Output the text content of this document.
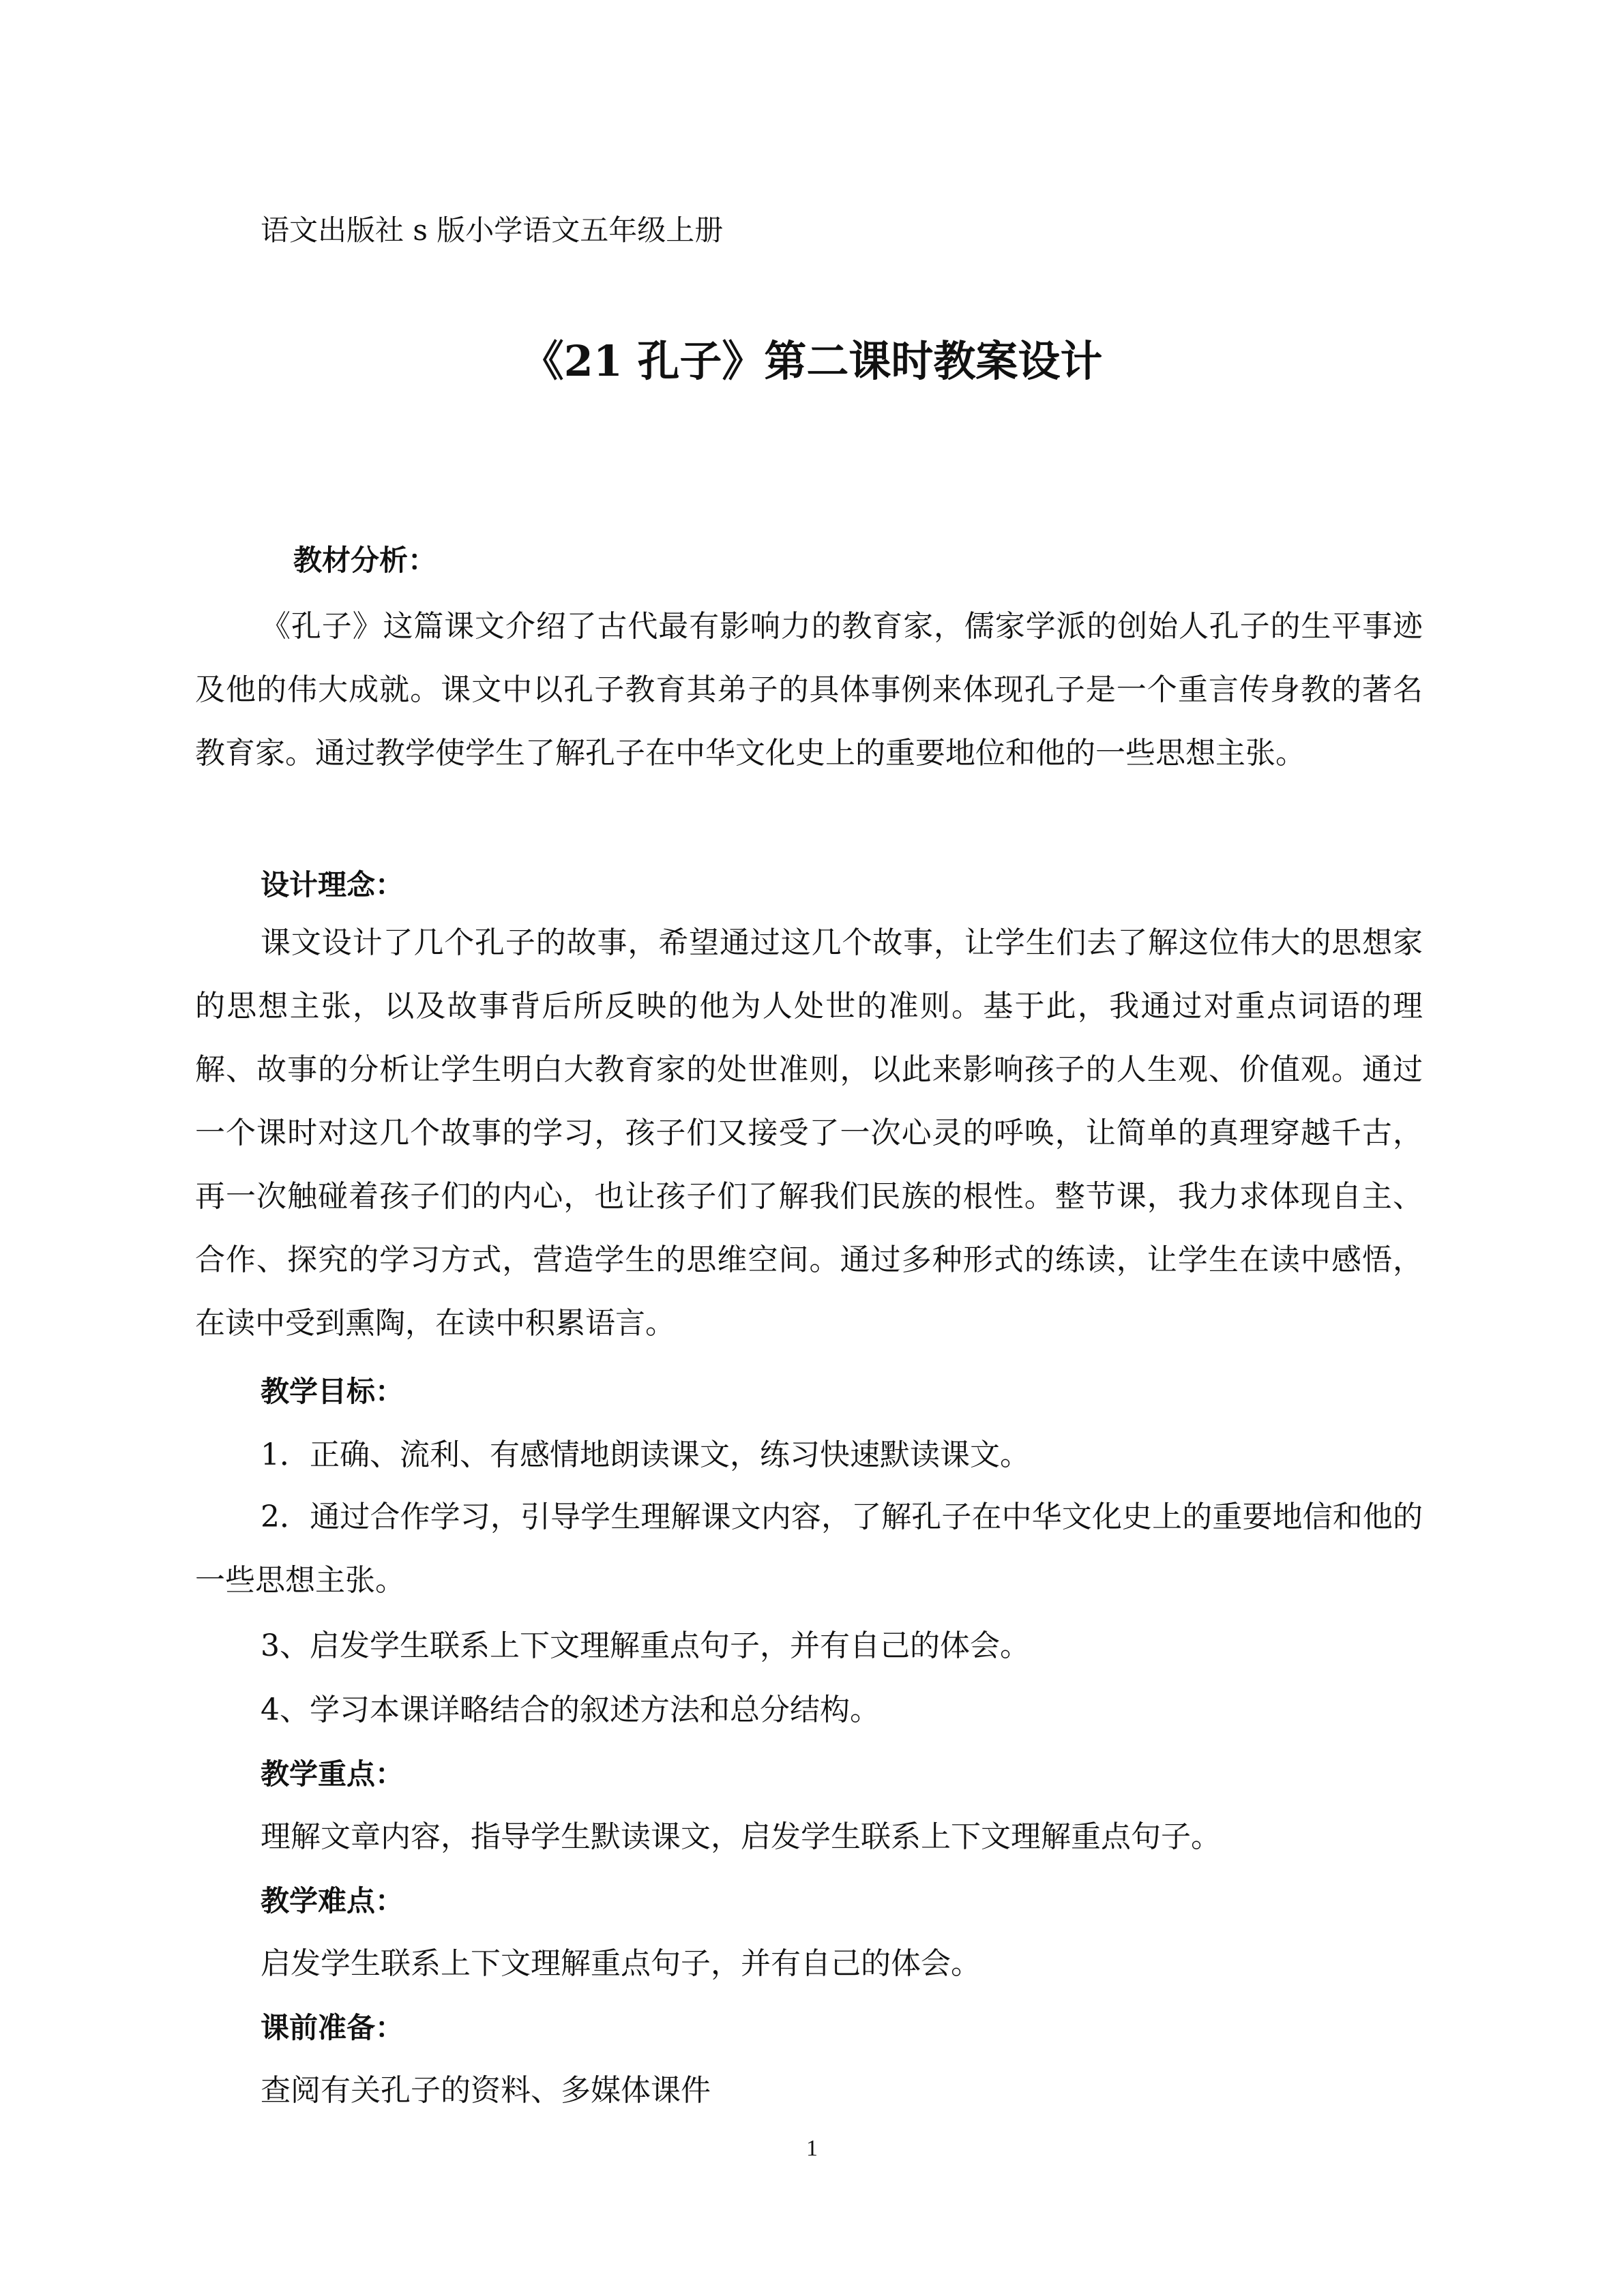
语文出版社 s 版小学语文五年级上册
《21 孔子》第二课时教案设计
教材分析：

《孔子》这篇课文介绍了古代最有影响力的教育家，儒家学派的创始人孔子的生平事迹及他的伟大成就。课文中以孔子教育其弟子的具体事例来体现孔子是一个重言传身教的著名教育家。通过教学使学生了解孔子在中华文化史上的重要地位和他的一些思想主张。

设计理念：

课文设计了几个孔子的故事，希望通过这几个故事，让学生们去了解这位伟大的思想家的思想主张，以及故事背后所反映的他为人处世的准则。基于此，我通过对重点词语的理解、故事的分析让学生明白大教育家的处世准则，以此来影响孩子的人生观、价值观。通过一个课时对这几个故事的学习，孩子们又接受了一次心灵的呼唤，让简单的真理穿越千古，再一次触碰着孩子们的内心，也让孩子们了解我们民族的根性。整节课，我力求体现自主、合作、探究的学习方式，营造学生的思维空间。通过多种形式的练读，让学生在读中感悟，在读中受到熏陶，在读中积累语言。

教学目标：
1．正确、流利、有感情地朗读课文，练习快速默读课文。

2．通过合作学习，引导学生理解课文内容，了解孔子在中华文化史上的重要地信和他的一些思想主张。

3、启发学生联系上下文理解重点句子，并有自己的体会。
4、学习本课详略结合的叙述方法和总分结构。
教学重点：
理解文章内容，指导学生默读课文，启发学生联系上下文理解重点句子。
教学难点：
启发学生联系上下文理解重点句子，并有自己的体会。
课前准备：
查阅有关孔子的资料、多媒体课件
1
